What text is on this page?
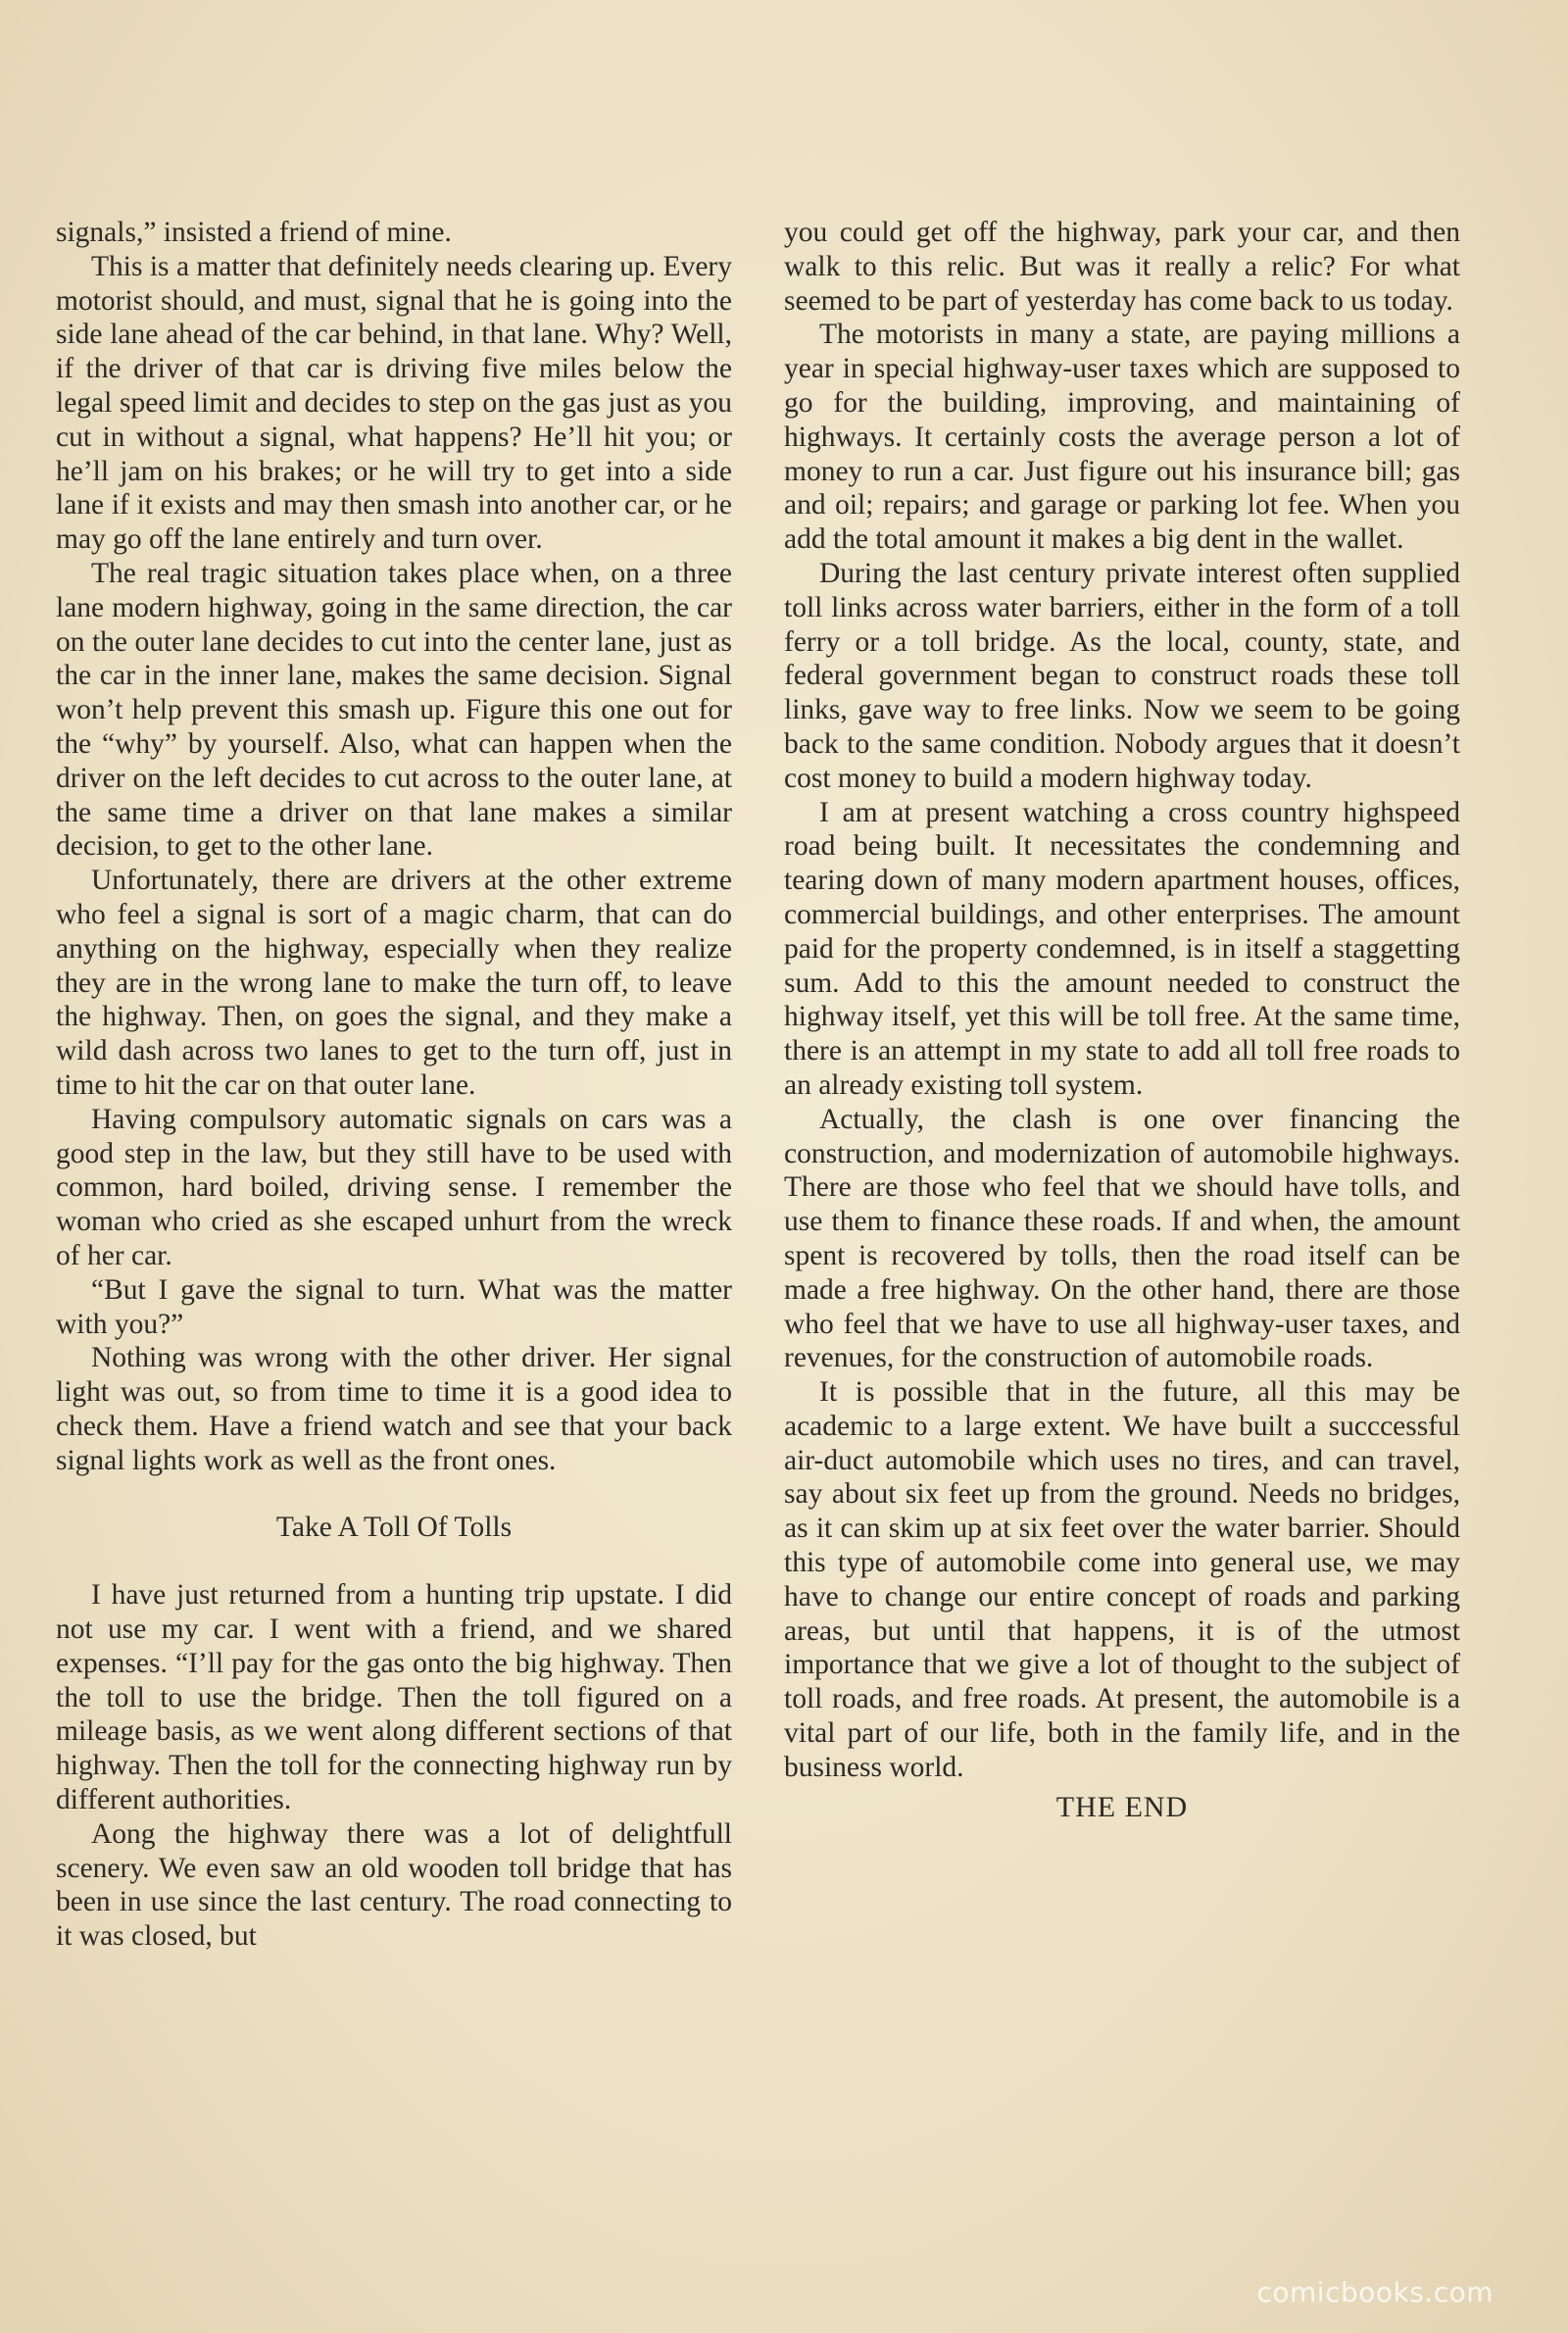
signals,” insisted a friend of mine.

This is a matter that definitely needs clearing up. Every motorist should, and must, signal that he is going into the side lane ahead of the car behind, in that lane. Why? Well, if the driver of that car is driving five miles below the legal speed limit and decides to step on the gas just as you cut in without a signal, what happens? He’ll hit you; or he’ll jam on his brakes; or he will try to get into a side lane if it exists and may then smash into another car, or he may go off the lane entirely and turn over.

The real tragic situation takes place when, on a three lane modern highway, going in the same direction, the car on the outer lane decides to cut into the center lane, just as the car in the inner lane, makes the same decision. Signal won’t help prevent this smash up. Figure this one out for the “why” by yourself. Also, what can happen when the driver on the left decides to cut across to the outer lane, at the same time a driver on that lane makes a similar decision, to get to the other lane.

Unfortunately, there are drivers at the other extreme who feel a signal is sort of a magic charm, that can do anything on the highway, especially when they realize they are in the wrong lane to make the turn off, to leave the highway. Then, on goes the signal, and they make a wild dash across two lanes to get to the turn off, just in time to hit the car on that outer lane.

Having compulsory automatic signals on cars was a good step in the law, but they still have to be used with common, hard boiled, driving sense. I remember the woman who cried as she escaped unhurt from the wreck of her car.

“But I gave the signal to turn. What was the matter with you?”

Nothing was wrong with the other driver. Her signal light was out, so from time to time it is a good idea to check them. Have a friend watch and see that your back signal lights work as well as the front ones.

Take A Toll Of Tolls

I have just returned from a hunting trip upstate. I did not use my car. I went with a friend, and we shared expenses. “I’ll pay for the gas onto the big highway. Then the toll to use the bridge. Then the toll figured on a mileage basis, as we went along different sections of that highway. Then the toll for the connecting highway run by different authorities.

Aong the highway there was a lot of delightfull scenery. We even saw an old wooden toll bridge that has been in use since the last century. The road connecting to it was closed, but

you could get off the highway, park your car, and then walk to this relic. But was it really a relic? For what seemed to be part of yesterday has come back to us today.

The motorists in many a state, are paying millions a year in special highway-user taxes which are supposed to go for the building, improving, and maintaining of highways. It certainly costs the average person a lot of money to run a car. Just figure out his insurance bill; gas and oil; repairs; and garage or parking lot fee. When you add the total amount it makes a big dent in the wallet.

During the last century private interest often supplied toll links across water barriers, either in the form of a toll ferry or a toll bridge. As the local, county, state, and federal government began to construct roads these toll links, gave way to free links. Now we seem to be going back to the same condition. Nobody argues that it doesn’t cost money to build a modern highway today.

I am at present watching a cross country highspeed road being built. It necessitates the condemning and tearing down of many modern apartment houses, offices, commercial buildings, and other enterprises. The amount paid for the property condemned, is in itself a staggetting sum. Add to this the amount needed to construct the highway itself, yet this will be toll free. At the same time, there is an attempt in my state to add all toll free roads to an already existing toll system.

Actually, the clash is one over financing the construction, and modernization of automobile highways. There are those who feel that we should have tolls, and use them to finance these roads. If and when, the amount spent is recovered by tolls, then the road itself can be made a free highway. On the other hand, there are those who feel that we have to use all highway-user taxes, and revenues, for the construction of automobile roads.

It is possible that in the future, all this may be academic to a large extent. We have built a succcessful air-duct automobile which uses no tires, and can travel, say about six feet up from the ground. Needs no bridges, as it can skim up at six feet over the water barrier. Should this type of automobile come into general use, we may have to change our entire concept of roads and parking areas, but until that happens, it is of the utmost importance that we give a lot of thought to the subject of toll roads, and free roads. At present, the automobile is a vital part of our life, both in the family life, and in the business world.

THE END

comicbooks.com
